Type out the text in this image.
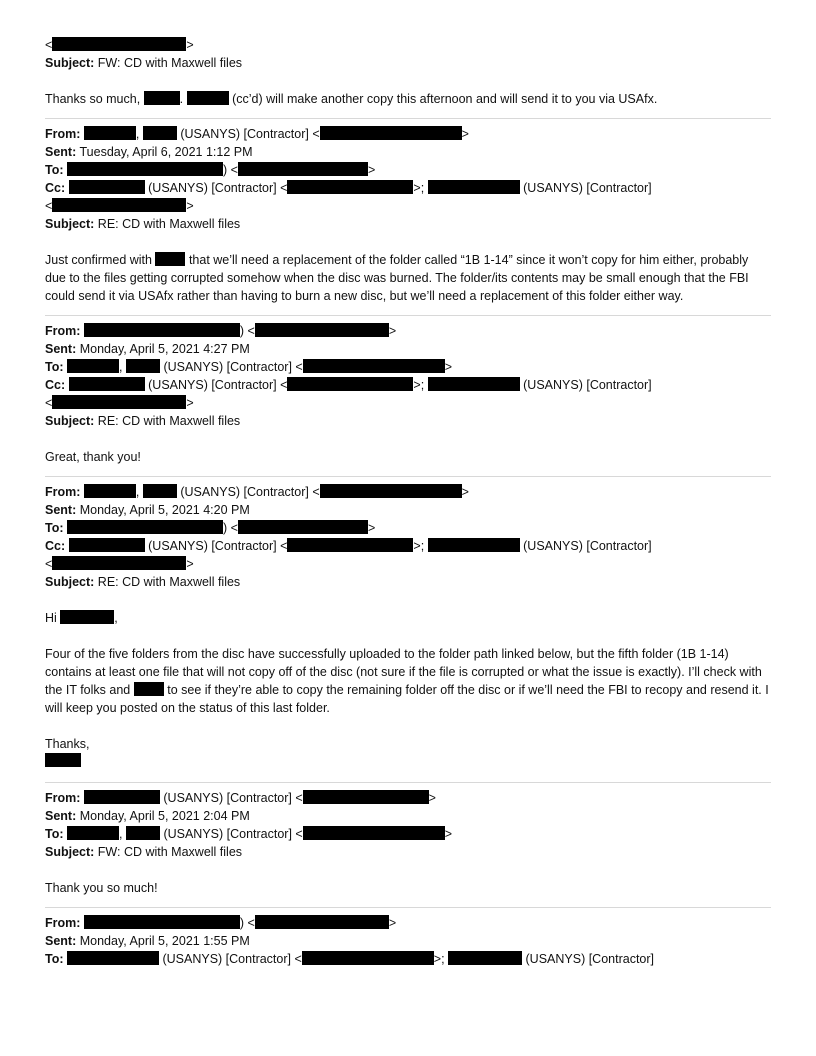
<	>
Subject: FW: CD with Maxwell files
Thanks so much,	.	(cc’d) will make another copy this afternoon and will send it to you via USAfx.
From:	,	(USANYS) [Contractor] <	>
Sent: Tuesday, April 6, 2021 1:12 PM
To:	) <	>
Cc:	(USANYS) [Contractor] <	>;	(USANYS) [Contractor]
<	>
Subject: RE: CD with Maxwell files
Just confirmed with	that we’ll need a replacement of the folder called “1B 1-14” since it won’t copy for him either, probably due to the files getting corrupted somehow when the disc was burned. The folder/its contents may be small enough that the FBI could send it via USAfx rather than having to burn a new disc, but we’ll need a replacement of this folder either way.
From:	) <	>
Sent: Monday, April 5, 2021 4:27 PM
To:	,	(USANYS) [Contractor] <	>
Cc:	(USANYS) [Contractor] <	>;	(USANYS) [Contractor]
<	>
Subject: RE: CD with Maxwell files
Great, thank you!
From:	,	(USANYS) [Contractor] <	>
Sent: Monday, April 5, 2021 4:20 PM
To:	) <	>
Cc:	(USANYS) [Contractor] <	>;	(USANYS) [Contractor]
<	>
Subject: RE: CD with Maxwell files
Hi	,
Four of the five folders from the disc have successfully uploaded to the folder path linked below, but the fifth folder (1B 1-14) contains at least one file that will not copy off of the disc (not sure if the file is corrupted or what the issue is exactly). I’ll check with the IT folks and	to see if they’re able to copy the remaining folder off the disc or if we’ll need the FBI to recopy and resend it. I will keep you posted on the status of this last folder.
Thanks,
From:	(USANYS) [Contractor] <	>
Sent: Monday, April 5, 2021 2:04 PM
To:	,	(USANYS) [Contractor] <	>
Subject: FW: CD with Maxwell files
Thank you so much!
From:	) <	>
Sent: Monday, April 5, 2021 1:55 PM
To:	(USANYS) [Contractor] <	>;	(USANYS) [Contractor]
